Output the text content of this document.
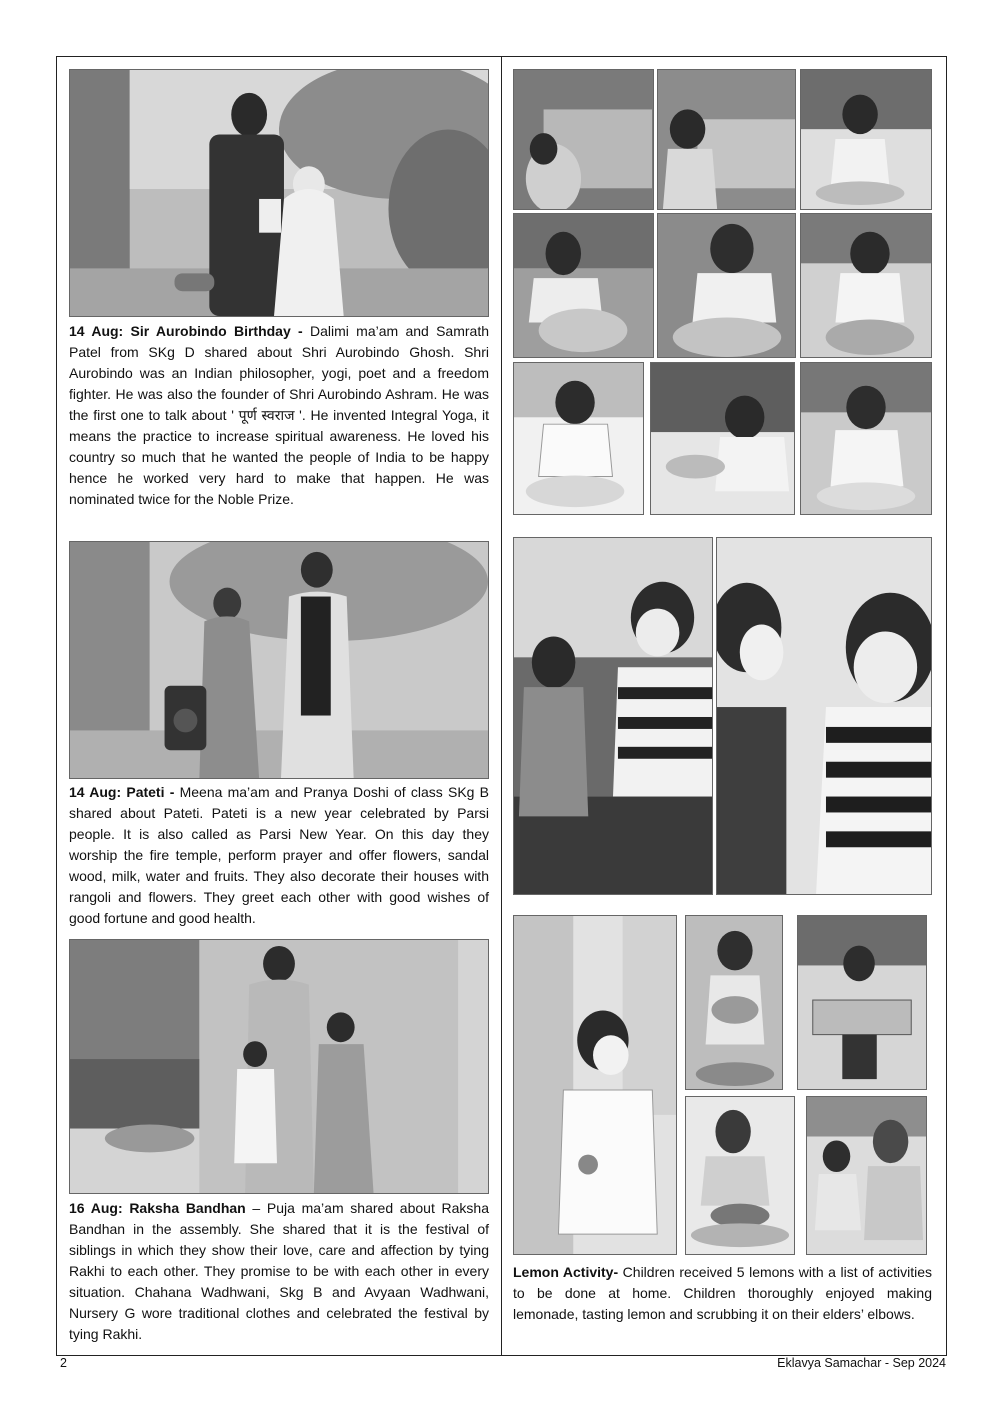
14 Aug: Sir Aurobindo Birthday - Dalimi ma’am and Samrath Patel from SKg D shared about Shri Aurobindo Ghosh. Shri Aurobindo was an Indian philosopher, yogi, poet and a freedom fighter. He was also the founder of Shri Aurobindo Ashram. He was the first one to talk about ' पूर्ण स्वराज '. He invented Integral Yoga, it means the practice to increase spiritual awareness. He loved his country so much that he wanted the people of India to be happy hence he worked very hard to make that happen. He was nominated twice for the Noble Prize.
14 Aug: Pateti - Meena ma’am and Pranya Doshi of class SKg B shared about Pateti. Pateti is a new year celebrated by Parsi people. It is also called as Parsi New Year. On this day they worship the fire temple, perform prayer and offer flowers, sandal wood, milk, water and fruits. They also decorate their houses with rangoli and flowers. They greet each other with good wishes of good fortune and good health.
16 Aug: Raksha Bandhan – Puja ma’am shared about Raksha Bandhan in the assembly. She shared that it is the festival of siblings in which they show their love, care and affection by tying Rakhi to each other. They promise to be with each other in every situation. Chahana Wadhwani, Skg B and Avyaan Wadhwani, Nursery G wore traditional clothes and celebrated the festival by tying Rakhi.
Lemon Activity- Children received 5 lemons with a list of activities to be done at home. Children thoroughly enjoyed making lemonade, tasting lemon and scrubbing it on their elders’ elbows.
2	Eklavya Samachar - Sep 2024
